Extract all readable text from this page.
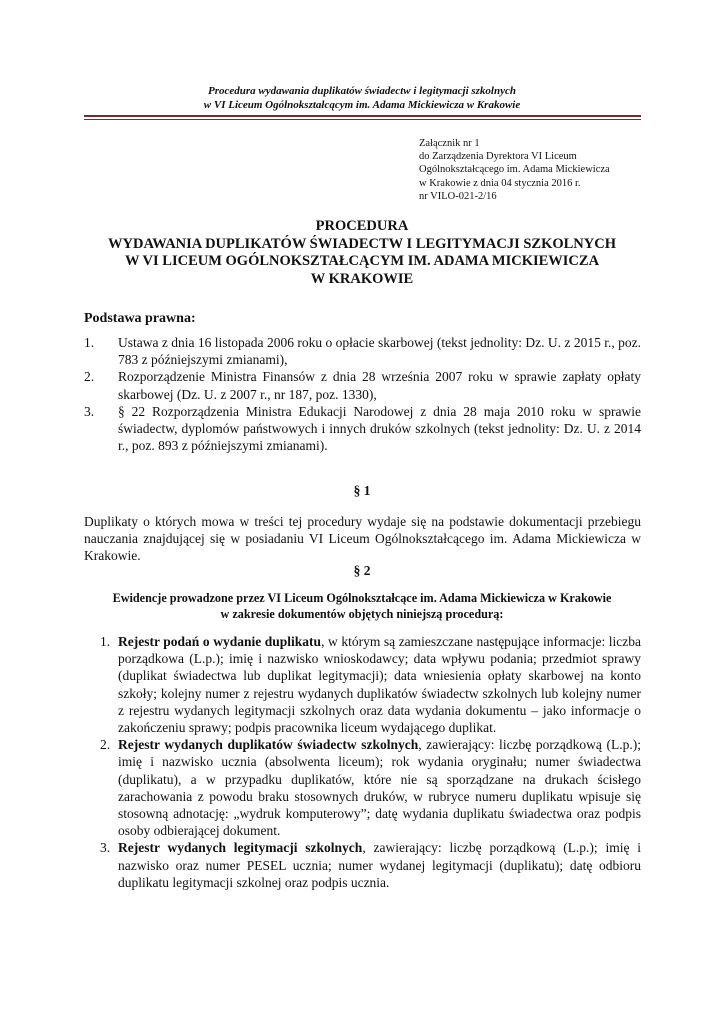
Procedura wydawania duplikatów świadectw i legitymacji szkolnych
w VI Liceum Ogólnokształcącym im. Adama Mickiewicza w Krakowie
Załącznik nr 1
do Zarządzenia Dyrektora VI Liceum
Ogólnokształcącego im. Adama Mickiewicza
w Krakowie z dnia 04 stycznia 2016 r.
nr VILO-021-2/16
PROCEDURA
WYDAWANIA DUPLIKATÓW ŚWIADECTW I LEGITYMACJI SZKOLNYCH
W VI LICEUM OGÓLNOKSZTAŁCĄCYM IM. ADAMA MICKIEWICZA
W KRAKOWIE
Podstawa prawna:
1. Ustawa z dnia 16 listopada 2006 roku o opłacie skarbowej (tekst jednolity: Dz. U. z 2015 r., poz. 783 z późniejszymi zmianami),
2. Rozporządzenie Ministra Finansów z dnia 28 września 2007 roku w sprawie zapłaty opłaty skarbowej (Dz. U. z 2007 r., nr 187, poz. 1330),
3. § 22 Rozporządzenia Ministra Edukacji Narodowej z dnia 28 maja 2010 roku w sprawie świadectw, dyplomów państwowych i innych druków szkolnych (tekst jednolity: Dz. U. z 2014 r., poz. 893 z późniejszymi zmianami).
§ 1
Duplikaty o których mowa w treści tej procedury wydaje się na podstawie dokumentacji przebiegu nauczania znajdującej się w posiadaniu VI Liceum Ogólnokształcącego im. Adama Mickiewicza w Krakowie.
§ 2
Ewidencje prowadzone przez VI Liceum Ogólnokształcące im. Adama Mickiewicza w Krakowie
w zakresie dokumentów objętych niniejszą procedurą:
1. Rejestr podań o wydanie duplikatu, w którym są zamieszczane następujące informacje: liczba porządkowa (L.p.); imię i nazwisko wnioskodawcy; data wpływu podania; przedmiot sprawy (duplikat świadectwa lub duplikat legitymacji); data wniesienia opłaty skarbowej na konto szkoły; kolejny numer z rejestru wydanych duplikatów świadectw szkolnych lub kolejny numer z rejestru wydanych legitymacji szkolnych oraz data wydania dokumentu – jako informacje o zakończeniu sprawy; podpis pracownika liceum wydającego duplikat.
2. Rejestr wydanych duplikatów świadectw szkolnych, zawierający: liczbę porządkową (L.p.); imię i nazwisko ucznia (absolwenta liceum); rok wydania oryginału; numer świadectwa (duplikatu), a w przypadku duplikatów, które nie są sporządzane na drukach ścisłego zarachowania z powodu braku stosownych druków, w rubryce numeru duplikatu wpisuje się stosowną adnotację: „wydruk komputerowy”; datę wydania duplikatu świadectwa oraz podpis osoby odbierającej dokument.
3. Rejestr wydanych legitymacji szkolnych, zawierający: liczbę porządkową (L.p.); imię i nazwisko oraz numer PESEL ucznia; numer wydanej legitymacji (duplikatu); datę odbioru duplikatu legitymacji szkolnej oraz podpis ucznia.
